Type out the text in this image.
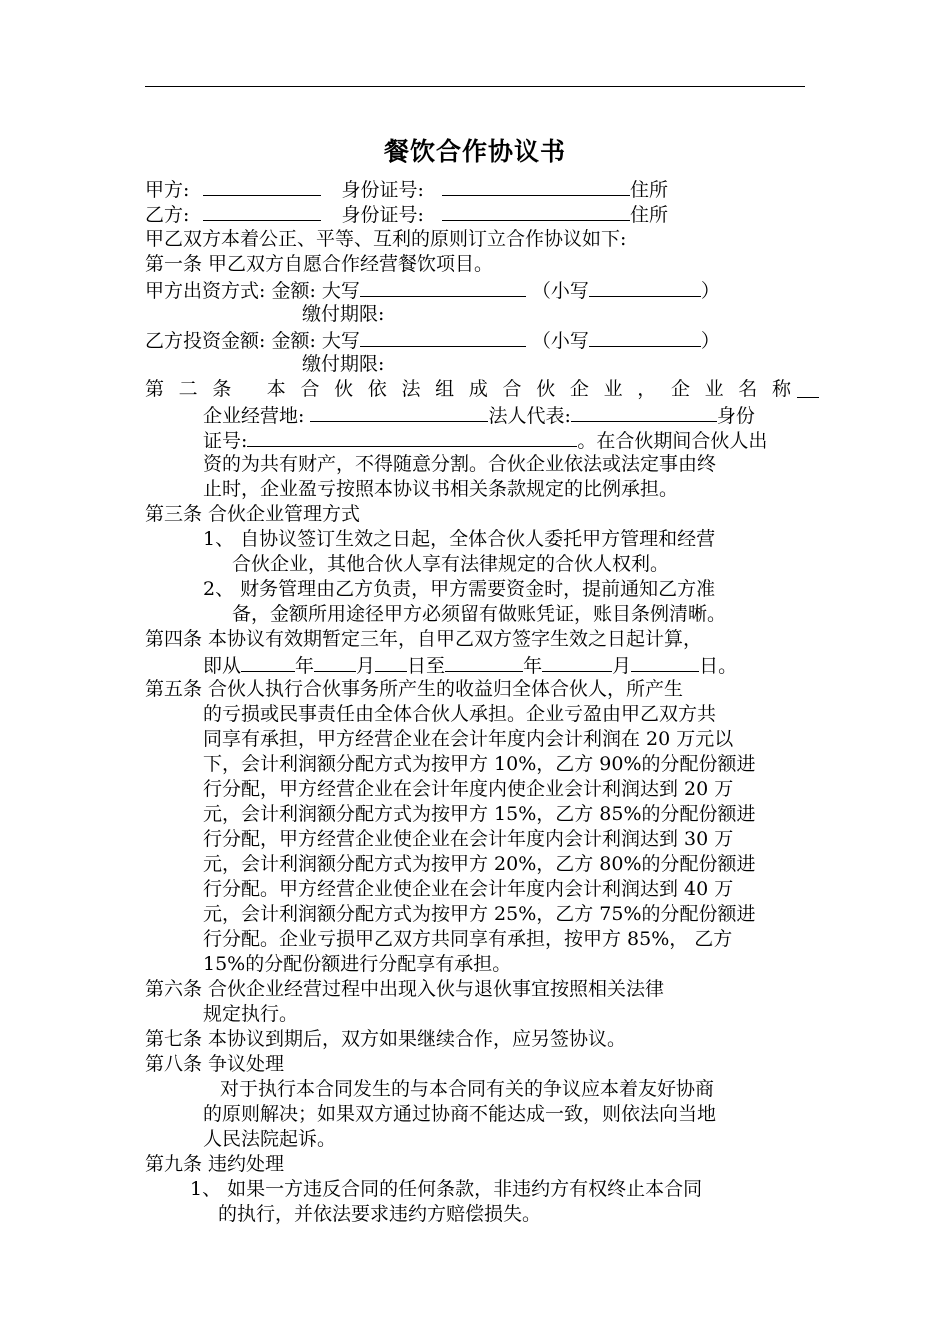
餐饮合作协议书
甲方:	身份证号:	住所
乙方:	身份证号:	住所
甲乙双方本着公正、平等、互利的原则订立合作协议如下:
第一条 甲乙双方自愿合作经营餐饮项目。
甲方出资方式: 金额: 大写	（小写	）
缴付期限:
乙方投资金额: 金额: 大写	（小写	）
缴付期限:
第二条 本合伙依法组成合伙企业，企业名称
企业经营地:	法人代表:	身份
证号:	。在合伙期间合伙人出
资的为共有财产，不得随意分割。合伙企业依法或法定事由终
止时，企业盈亏按照本协议书相关条款规定的比例承担。
第三条 合伙企业管理方式
1、 自协议签订生效之日起，全体合伙人委托甲方管理和经营
合伙企业，其他合伙人享有法律规定的合伙人权利。
2、 财务管理由乙方负责，甲方需要资金时，提前通知乙方准
备，金额所用途径甲方必须留有做账凭证，账目条例清晰。
第四条 本协议有效期暂定三年，自甲乙双方签字生效之日起计算，
即从	年 月 日至	年	月	日。
第五条 合伙人执行合伙事务所产生的收益归全体合伙人，所产生
的亏损或民事责任由全体合伙人承担。企业亏盈由甲乙双方共
同享有承担，甲方经营企业在会计年度内会计利润在 20 万元以
下，会计利润额分配方式为按甲方 10%，乙方 90%的分配份额进
行分配，甲方经营企业在会计年度内使企业会计利润达到 20 万
元，会计利润额分配方式为按甲方 15%，乙方 85%的分配份额进
行分配，甲方经营企业使企业在会计年度内会计利润达到 30 万
元，会计利润额分配方式为按甲方 20%，乙方 80%的分配份额进
行分配。甲方经营企业使企业在会计年度内会计利润达到 40 万
元，会计利润额分配方式为按甲方 25%，乙方 75%的分配份额进
行分配。企业亏损甲乙双方共同享有承担，按甲方 85%， 乙方
15%的分配份额进行分配享有承担。
第六条 合伙企业经营过程中出现入伙与退伙事宜按照相关法律
规定执行。
第七条 本协议到期后，双方如果继续合作，应另签协议。
第八条 争议处理
对于执行本合同发生的与本合同有关的争议应本着友好协商
的原则解决；如果双方通过协商不能达成一致，则依法向当地
人民法院起诉。
第九条 违约处理
1、 如果一方违反合同的任何条款，非违约方有权终止本合同
的执行，并依法要求违约方赔偿损失。
